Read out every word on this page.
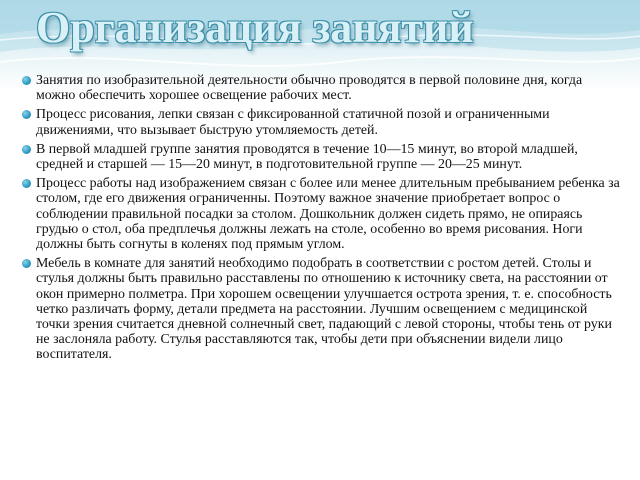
Организация занятий
Занятия по изобразительной деятельности обычно проводятся в первой половине дня, когда можно обеспечить хорошее освещение рабочих мест.
Процесс рисования, лепки связан с фиксированной статичной позой и ограниченными движениями, что вызывает быструю утомляемость детей.
В первой младшей группе занятия проводятся в течение 10—15 минут, во второй младшей, средней и старшей — 15—20 минут, в подготовительной группе — 20—25 минут.
Процесс работы над изображением связан с более или менее длительным пребыванием ребенка за столом, где его движения ограниченны. Поэтому важное значение приобретает вопрос о соблюдении правильной посадки за столом. Дошкольник должен сидеть прямо, не опираясь грудью о стол, оба предплечья должны лежать на столе, особенно во время рисования. Ноги должны быть согнуты в коленях под прямым углом.
Мебель в комнате для занятий необходимо подобрать в соответствии с ростом детей. Столы и стулья должны быть правильно расставлены по отношению к источнику света, на расстоянии от окон примерно полметра. При хорошем освещении улучшается острота зрения, т. е. способность четко различать форму, детали предмета на расстоянии. Лучшим освещением с медицинской точки зрения считается дневной солнечный свет, падающий с левой стороны, чтобы тень от руки не заслоняла работу. Стулья расставляются так, чтобы дети при объяснении видели лицо воспитателя.
